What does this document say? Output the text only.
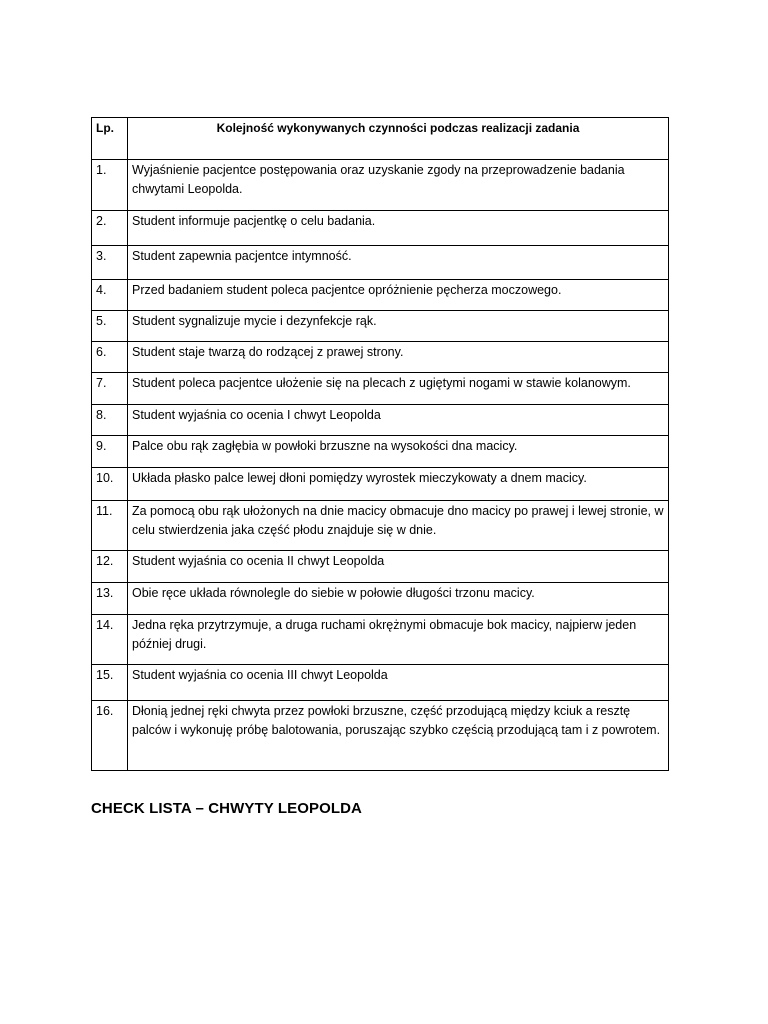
Lp.	Kolejność wykonywanych czynności podczas realizacji zadania
1.	Wyjaśnienie pacjentce postępowania oraz uzyskanie zgody na przeprowadzenie badania chwytami Leopolda.
2.	Student informuje pacjentkę o celu badania.
3.	Student zapewnia pacjentce intymność.
4.	Przed badaniem student poleca pacjentce opróżnienie pęcherza moczowego.
5.	Student sygnalizuje mycie i dezynfekcje rąk.
6.	Student staje twarzą do rodzącej z prawej strony.
7.	Student poleca pacjentce ułożenie się na plecach z ugiętymi nogami w stawie kolanowym.
8.	Student wyjaśnia co ocenia I chwyt Leopolda
9.	Palce obu rąk zagłębia w powłoki brzuszne na wysokości dna macicy.
10.	Układa płasko palce lewej dłoni pomiędzy wyrostek mieczykowaty a dnem macicy.
11.	Za pomocą obu rąk ułożonych na dnie macicy obmacuje dno macicy po prawej i lewej stronie, w celu stwierdzenia jaka część płodu znajduje się w dnie.
12.	Student wyjaśnia co ocenia II chwyt Leopolda
13.	Obie ręce układa równolegle do siebie w połowie długości trzonu macicy.
14.	Jedna ręka przytrzymuje, a druga ruchami okrężnymi obmacuje bok macicy, najpierw jeden później drugi.
15.	Student wyjaśnia co ocenia III chwyt Leopolda
16.	Dłonią jednej ręki chwyta przez powłoki brzuszne, część przodującą między kciuk a resztę palców i wykonuję próbę balotowania, poruszając szybko częścią przodującą tam i z powrotem.
CHECK LISTA – CHWYTY LEOPOLDA
